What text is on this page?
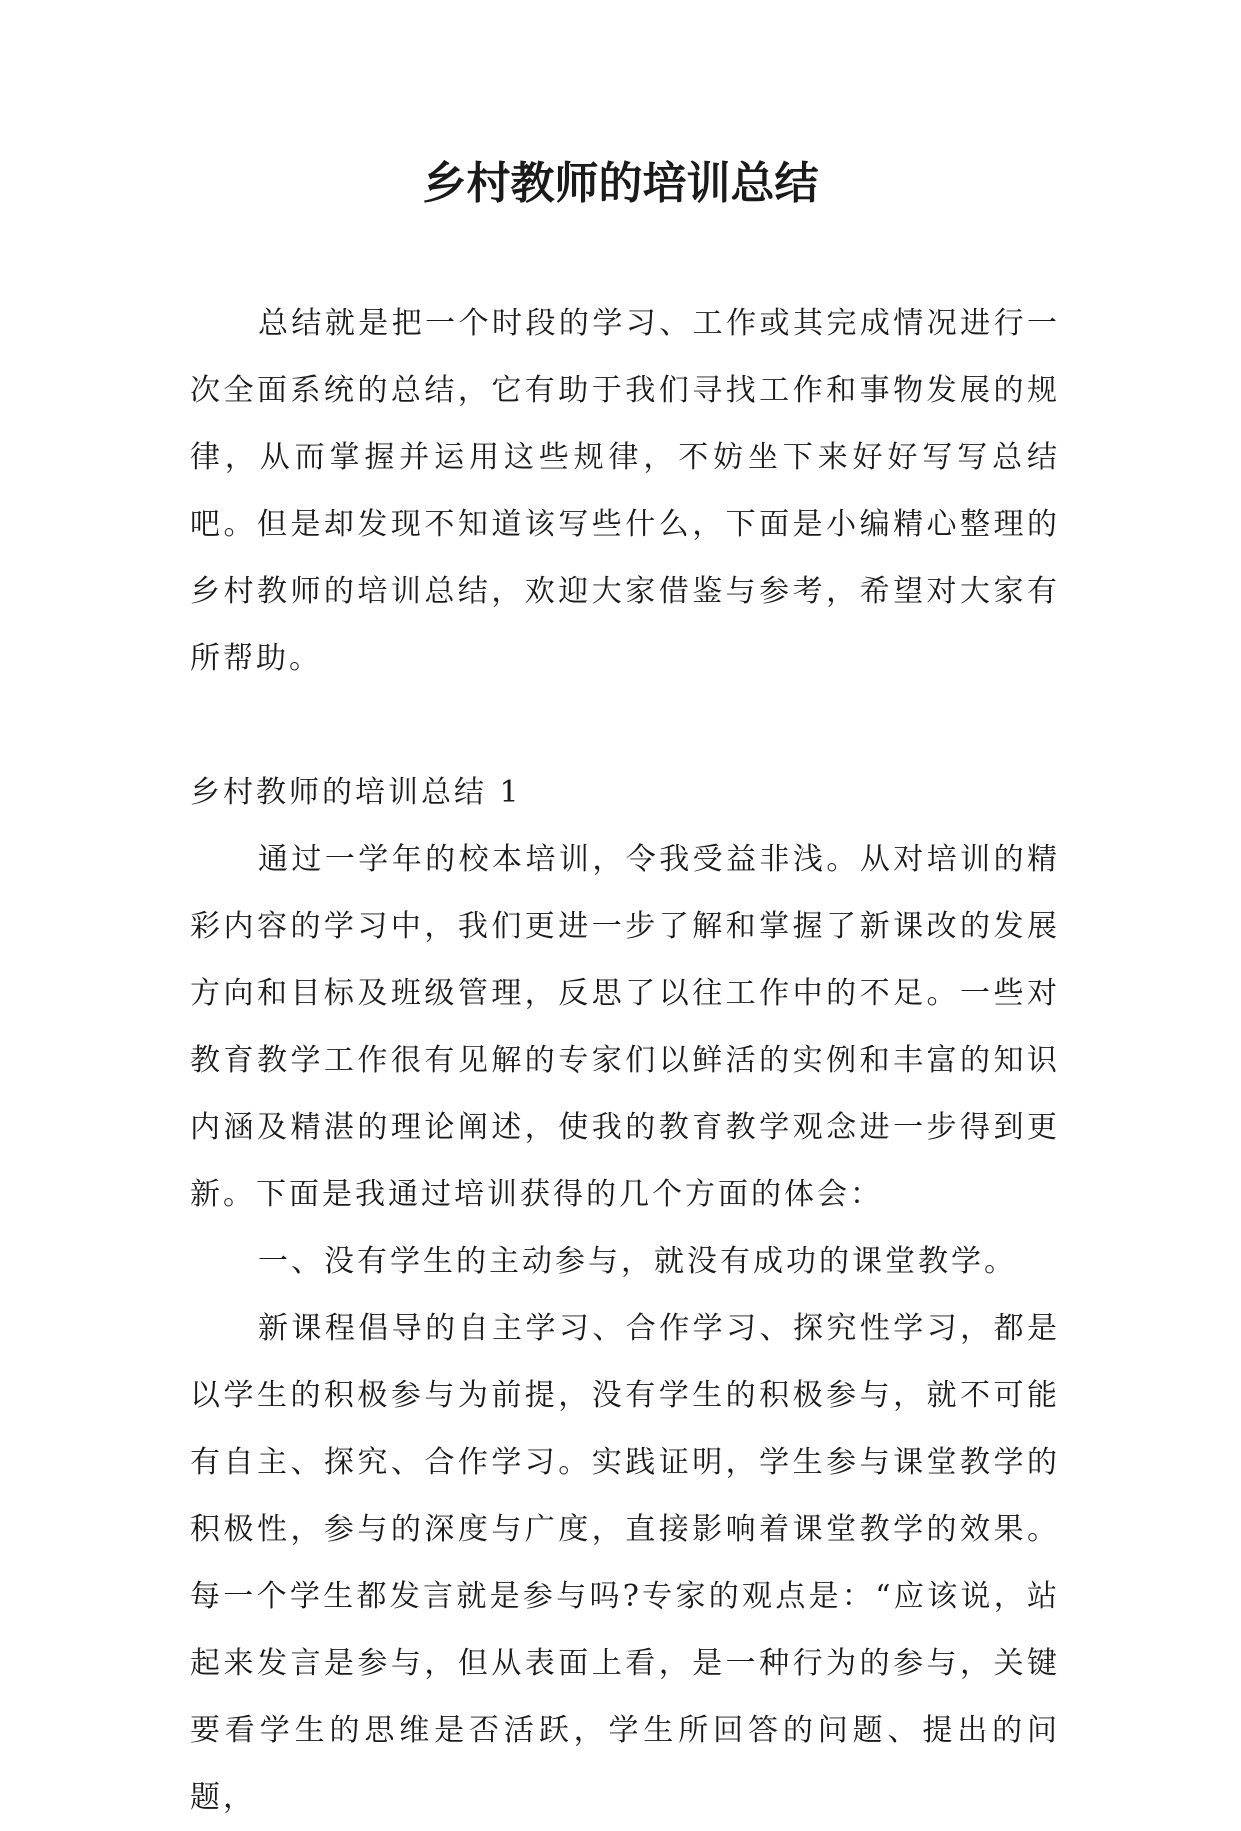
乡村教师的培训总结

总结就是把一个时段的学习、工作或其完成情况进行一次全面系统的总结，它有助于我们寻找工作和事物发展的规律，从而掌握并运用这些规律，不妨坐下来好好写写总结吧。但是却发现不知道该写些什么，下面是小编精心整理的乡村教师的培训总结，欢迎大家借鉴与参考，希望对大家有所帮助。

乡村教师的培训总结 1

通过一学年的校本培训，令我受益非浅。从对培训的精彩内容的学习中，我们更进一步了解和掌握了新课改的发展方向和目标及班级管理，反思了以往工作中的不足。一些对教育教学工作很有见解的专家们以鲜活的实例和丰富的知识内涵及精湛的理论阐述，使我的教育教学观念进一步得到更新。下面是我通过培训获得的几个方面的体会：

一、没有学生的主动参与，就没有成功的课堂教学。

新课程倡导的自主学习、合作学习、探究性学习，都是以学生的积极参与为前提，没有学生的积极参与，就不可能有自主、探究、合作学习。实践证明，学生参与课堂教学的积极性，参与的深度与广度，直接影响着课堂教学的效果。每一个学生都发言就是参与吗?专家的观点是：“应该说，站起来发言是参与，但从表面上看，是一种行为的参与，关键要看学生的思维是否活跃，学生所回答的问题、提出的问题，
